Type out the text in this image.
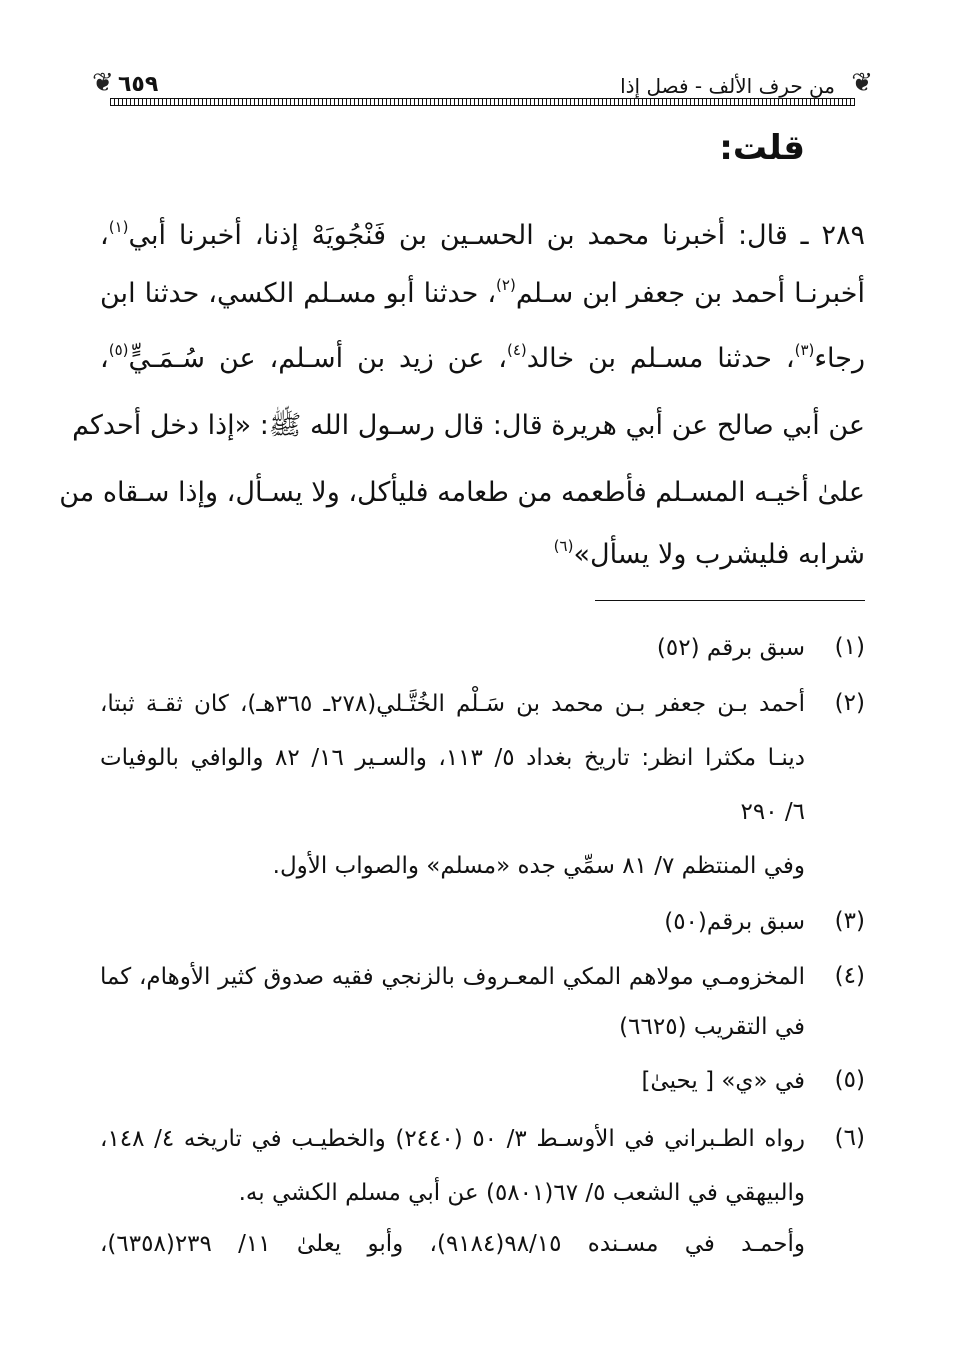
❦
من حرف الألف - فصل إذا
٦٥٩
❦
قلت:
٢٨٩ ـ قال: أخبرنا محمد بن الحسـين بن فَنْجُويَهْ إذنا، أخبرنا أبي$^{(١)}$،
أخبرنـا أحمد بن جعفر ابن سـلم$^{(٢)}$، حدثنا أبو مسـلم الكسي، حدثنا ابن
رجاء$^{(٣)}$، حدثنا مسـلم بن خالد$^{(٤)}$، عن زيد بن أسـلم، عن سُـمَـيٍّ$^{(٥)}$،
عن أبي صالح عن أبي هريرة قال: قال رسـول الله ﷺ: «إذا دخل أحدكم
علىٰ أخيـه المسـلم فأطعمه من طعامه فليأكل، ولا يسـأل، وإذا سـقاه من
شرابه فليشرب ولا يسأل»$^{(٦)}$
(١)
سبق برقم (٥٢)
(٢)
أحمد بـن جعفر بـن محمد بن سَـلْم الخُتَّـلي(٢٧٨ـ ٣٦٥هـ)، كان ثقـة ثبتا،
دينـا مكثرا انظر: تاريخ بغداد ٥/ ١١٣، والسـير ١٦/ ٨٢ والوافي بالوفيات
٦/ ٢٩٠
وفي المنتظم ٧/ ٨١ سمِّي جده «مسلم» والصواب الأول.
(٣)
سبق برقم(٥٠)
(٤)
المخزومـي مولاهم المكي المعـروف بالزنجي فقيه صدوق كثير الأوهام، كما
في التقريب (٦٦٢٥)
(٥)
في «ي» [ يحيىٰ]
(٦)
رواه الطـبراني في الأوسـط ٣/ ٥٠ (٢٤٤٠) والخطيـب في تاريخه ٤/ ١٤٨،
والبيهقي في الشعب ٥/ ٦٧(٥٨٠١) عن أبي مسلم الكشي به.
وأحمـد في مسـنده ٩٨/١٥(٩١٨٤)، وأبو يعلىٰ ١١/ ٢٣٩(٦٣٥٨)،
